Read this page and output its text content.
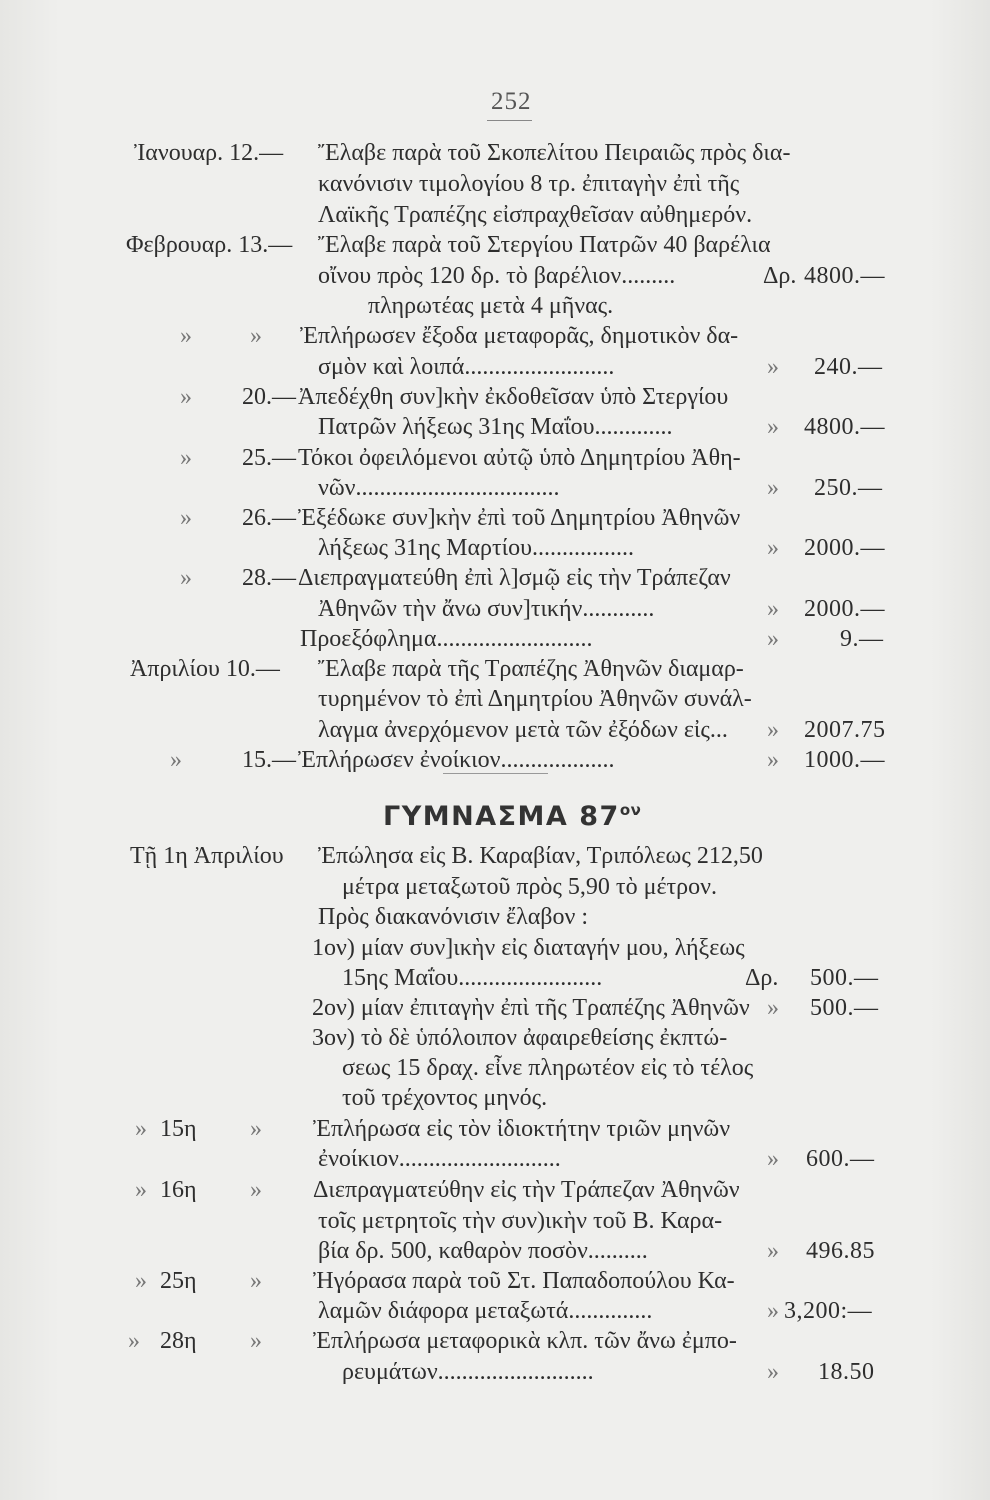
252
Ἰανουαρ. 12.— Ἔλαβε παρὰ τοῦ Σκοπελίτου Πειραιῶς πρὸς δια-
κανόνισιν τιμολογίου 8 τρ. ἐπιταγὴν ἐπὶ τῆς
Λαϊκῆς Τραπέζης εἰσπραχθεῖσαν αὐθημερόν.
Φεβρουαρ. 13.— Ἔλαβε παρὰ τοῦ Στεργίου Πατρῶν 40 βαρέλια
οἴνου πρὸς 120 δρ. τὸ βαρέλιον.........	Δρ. 4800.—
πληρωτέας μετὰ 4 μῆνας.
» » Ἐπλήρωσεν ἔξοδα μεταφορᾶς, δημοτικὸν δα-
σμὸν καὶ λοιπά.........................	» 240.—
» 20.— Ἀπεδέχθη συν]κὴν ἐκδοθεῖσαν ὑπὸ Στεργίου
Πατρῶν λήξεως 31ης Μαΐου.............	» 4800.—
» 25.— Τόκοι ὀφειλόμενοι αὐτῷ ὑπὸ Δημητρίου Ἀθη-
νῶν..................................	» 250.—
» 26.— Ἐξέδωκε συν]κὴν ἐπὶ τοῦ Δημητρίου Ἀθηνῶν
λήξεως 31ης Μαρτίου.................	» 2000.—
» 28.— Διεπραγματεύθη ἐπὶ λ]σμῷ εἰς τὴν Τράπεζαν
Ἀθηνῶν τὴν ἄνω συν]τικήν............	» 2000.—
Προεξόφλημα..........................	»	9.—
Ἀπριλίου 10.— Ἔλαβε παρὰ τῆς Τραπέζης Ἀθηνῶν διαμαρ-
τυρημένον τὸ ἐπὶ Δημητρίου Ἀθηνῶν συνάλ-
λαγμα ἀνερχόμενον μετὰ τῶν ἐξόδων εἰς... » 2007.75
»	15.— Ἐπλήρωσεν ἐνοίκιον...................	» 1000.—
ΓΥΜΝΑΣΜΑ $87^{o\nu}$
Τῇ 1η Ἀπριλίου Ἐπώλησα εἰς Β. Καραβίαν, Τριπόλεως 212,50
μέτρα μεταξωτοῦ πρὸς 5,90 τὸ μέτρον.
Πρὸς διακανόνισιν ἔλαβον :
1ον) μίαν συν]ικὴν εἰς διαταγήν μου, λήξεως
15ης Μαΐου........................	Δρ. 500.—
2ον) μίαν ἐπιταγὴν ἐπὶ τῆς Τραπέζης Ἀθηνῶν » 500.—
3ον) τὸ δὲ ὑπόλοιπον ἀφαιρεθείσης ἐκπτώ-
σεως 15 δραχ. εἶνε πληρωτέον εἰς τὸ τέλος
τοῦ τρέχοντος μηνός.
» 15η » Ἐπλήρωσα εἰς τὸν ἰδιοκτήτην τριῶν μηνῶν
ἐνοίκιον...........................	» 600.—
» 16η » Διεπραγματεύθην εἰς τὴν Τράπεζαν Ἀθηνῶν
τοῖς μετρητοῖς τὴν συν)ικὴν τοῦ Β. Καρα-
βία δρ. 500, καθαρὸν ποσὸν..........	» 496.85
» 25η » Ἠγόρασα παρὰ τοῦ Στ. Παπαδοπούλου Κα-
λαμῶν διάφορα μεταξωτά..............	» 3,200:—
» 28η » Ἐπλήρωσα μεταφορικὰ κλπ. τῶν ἄνω ἐμπο-
ρευμάτων..........................	» 18.50
